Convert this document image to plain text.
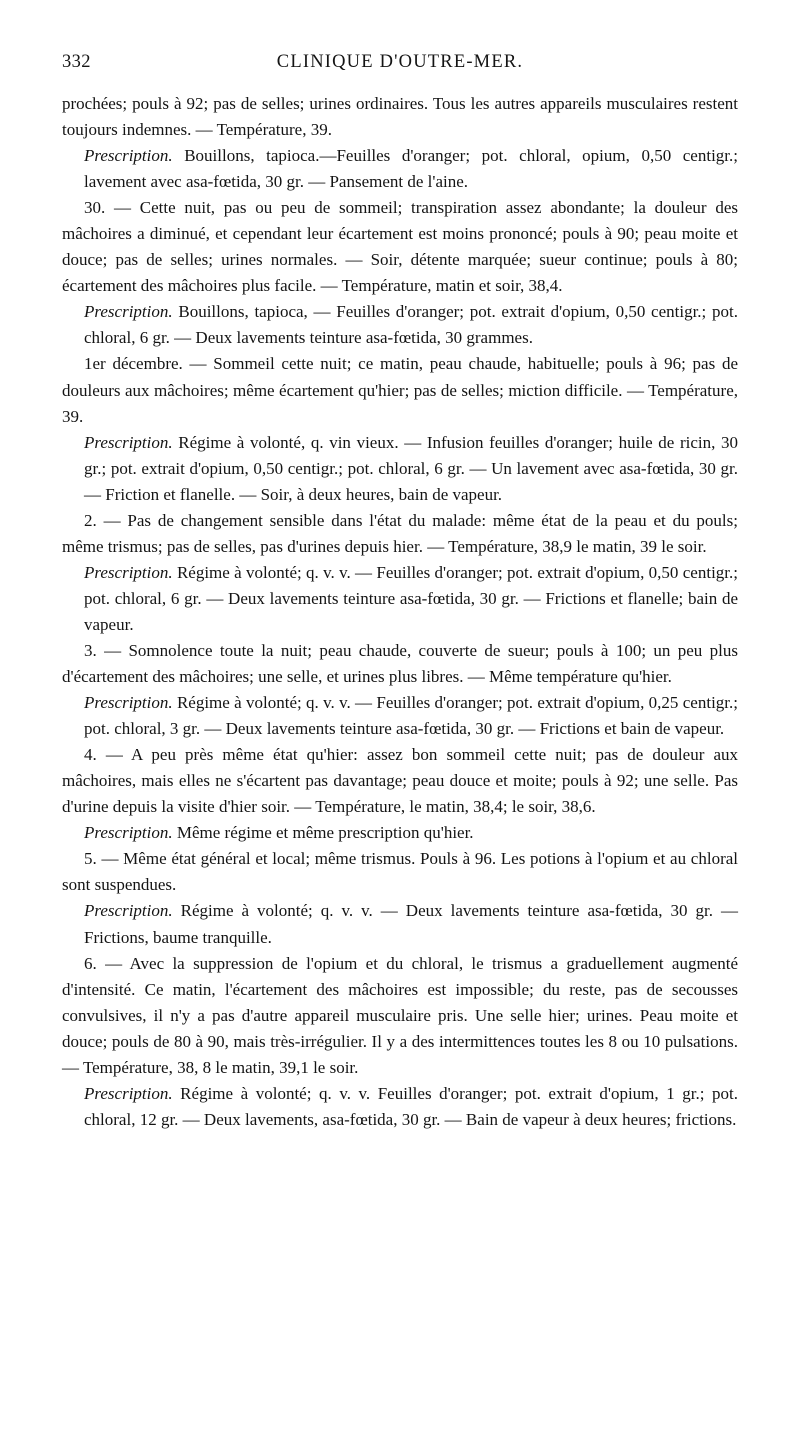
332	CLINIQUE D'OUTRE-MER.

prochées; pouls à 92; pas de selles; urines ordinaires. Tous les autres appareils musculaires restent toujours indemnes. — Température, 39.

Prescription. Bouillons, tapioca.—Feuilles d'oranger; pot. chloral, opium, 0,50 centigr.; lavement avec asa-fœtida, 30 gr. — Pansement de l'aine.

30. — Cette nuit, pas ou peu de sommeil; transpiration assez abondante; la douleur des mâchoires a diminué, et cependant leur écartement est moins prononcé; pouls à 90; peau moite et douce; pas de selles; urines normales. — Soir, détente marquée; sueur continue; pouls à 80; écartement des mâchoires plus facile. — Température, matin et soir, 38,4.

Prescription. Bouillons, tapioca, — Feuilles d'oranger; pot. extrait d'opium, 0,50 centigr.; pot. chloral, 6 gr. — Deux lavements teinture asa-fœtida, 30 grammes.

1er décembre. — Sommeil cette nuit; ce matin, peau chaude, habituelle; pouls à 96; pas de douleurs aux mâchoires; même écartement qu'hier; pas de selles; miction difficile. — Température, 39.

Prescription. Régime à volonté, q. vin vieux. — Infusion feuilles d'oranger; huile de ricin, 30 gr.; pot. extrait d'opium, 0,50 centigr.; pot. chloral, 6 gr. — Un lavement avec asa-fœtida, 30 gr. — Friction et flanelle. — Soir, à deux heures, bain de vapeur.

2. — Pas de changement sensible dans l'état du malade: même état de la peau et du pouls; même trismus; pas de selles, pas d'urines depuis hier. — Température, 38,9 le matin, 39 le soir.

Prescription. Régime à volonté; q. v. v. — Feuilles d'oranger; pot. extrait d'opium, 0,50 centigr.; pot. chloral, 6 gr. — Deux lavements teinture asa-fœtida, 30 gr. — Frictions et flanelle; bain de vapeur.

3. — Somnolence toute la nuit; peau chaude, couverte de sueur; pouls à 100; un peu plus d'écartement des mâchoires; une selle, et urines plus libres. — Même température qu'hier.

Prescription. Régime à volonté; q. v. v. — Feuilles d'oranger; pot. extrait d'opium, 0,25 centigr.; pot. chloral, 3 gr. — Deux lavements teinture asa-fœtida, 30 gr. — Frictions et bain de vapeur.

4. — A peu près même état qu'hier: assez bon sommeil cette nuit; pas de douleur aux mâchoires, mais elles ne s'écartent pas davantage; peau douce et moite; pouls à 92; une selle. Pas d'urine depuis la visite d'hier soir. — Température, le matin, 38,4; le soir, 38,6.

Prescription. Même régime et même prescription qu'hier.

5. — Même état général et local; même trismus. Pouls à 96. Les potions à l'opium et au chloral sont suspendues.

Prescription. Régime à volonté; q. v. v. — Deux lavements teinture asa-fœtida, 30 gr. — Frictions, baume tranquille.

6. — Avec la suppression de l'opium et du chloral, le trismus a graduellement augmenté d'intensité. Ce matin, l'écartement des mâchoires est impossible; du reste, pas de secousses convulsives, il n'y a pas d'autre appareil musculaire pris. Une selle hier; urines. Peau moite et douce; pouls de 80 à 90, mais très-irrégulier. Il y a des intermittences toutes les 8 ou 10 pulsations. — Température, 38, 8 le matin, 39,1 le soir.

Prescription. Régime à volonté; q. v. v. Feuilles d'oranger; pot. extrait d'opium, 1 gr.; pot. chloral, 12 gr. — Deux lavements, asa-fœtida, 30 gr. — Bain de vapeur à deux heures; frictions.
